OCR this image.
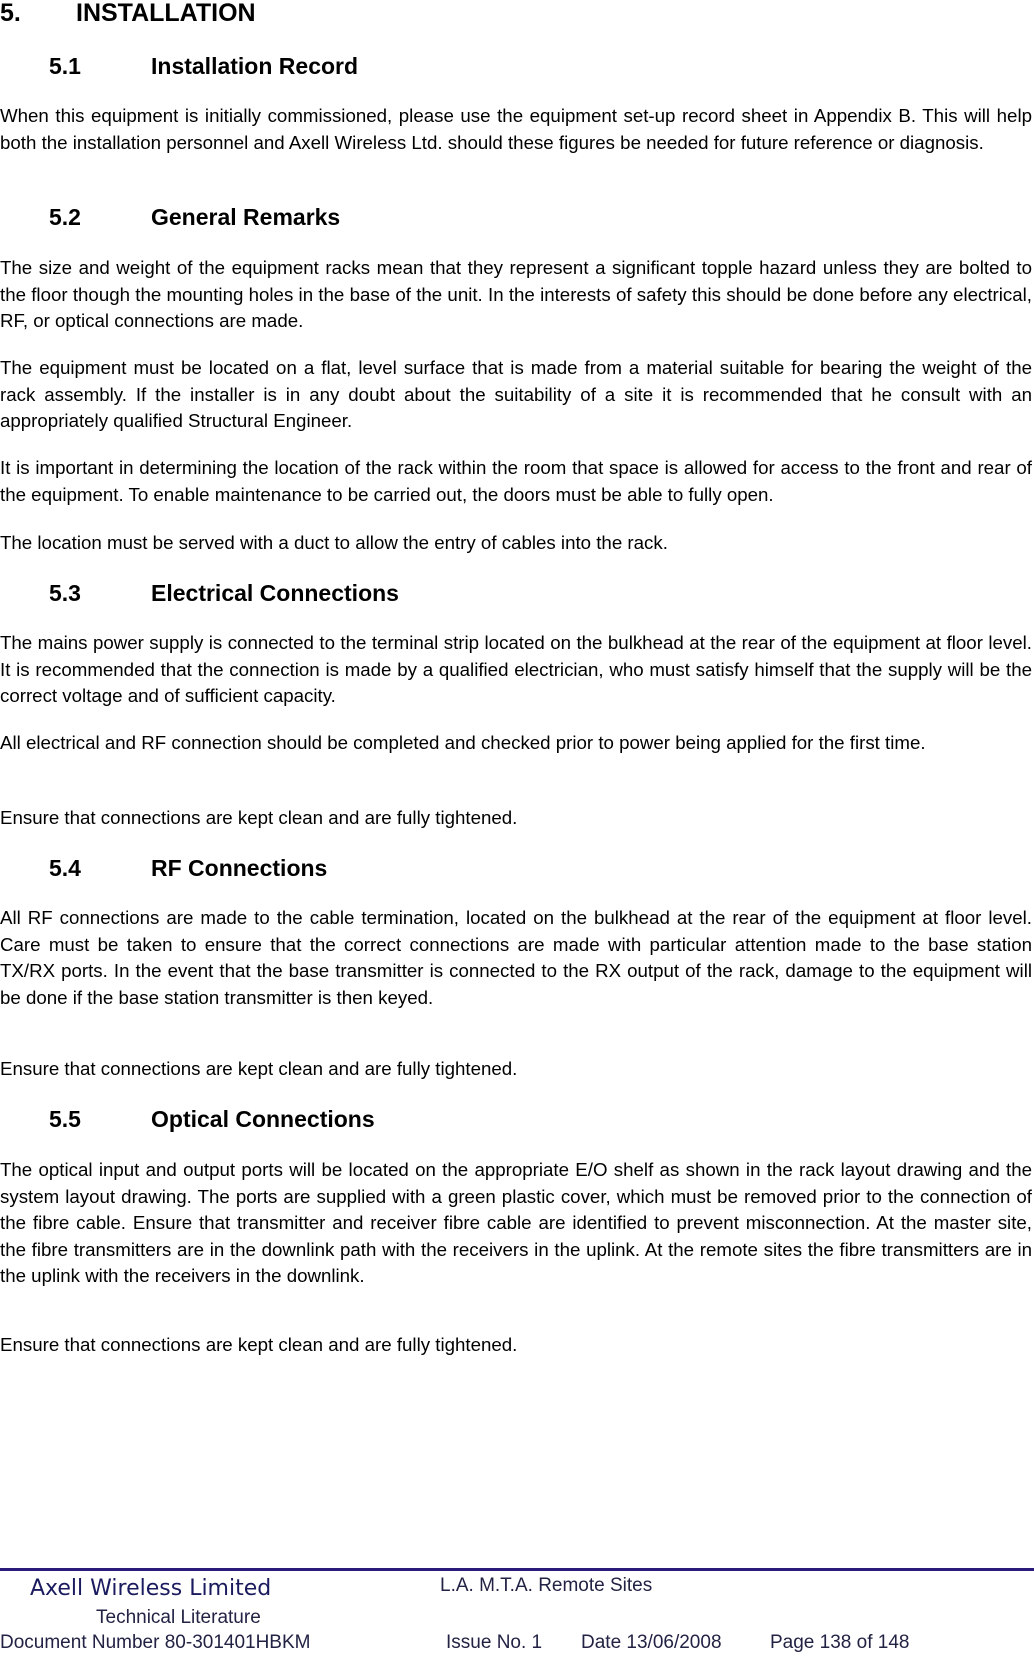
5. INSTALLATION
5.1	Installation Record

When this equipment is initially commissioned, please use the equipment set-up record sheet in Appendix B. This will help both the installation personnel and Axell Wireless Ltd. should these figures be needed for future reference or diagnosis.

5.2	General Remarks

The size and weight of the equipment racks mean that they represent a significant topple hazard unless they are bolted to the floor though the mounting holes in the base of the unit. In the interests of safety this should be done before any electrical, RF, or optical connections are made.

The equipment must be located on a flat, level surface that is made from a material suitable for bearing the weight of the rack assembly. If the installer is in any doubt about the suitability of a site it is recommended that he consult with an appropriately qualified Structural Engineer.

It is important in determining the location of the rack within the room that space is allowed for access to the front and rear of the equipment. To enable maintenance to be carried out, the doors must be able to fully open.

The location must be served with a duct to allow the entry of cables into the rack.

5.3	Electrical Connections

The mains power supply is connected to the terminal strip located on the bulkhead at the rear of the equipment at floor level. It is recommended that the connection is made by a qualified electrician, who must satisfy himself that the supply will be the correct voltage and of sufficient capacity.

All electrical and RF connection should be completed and checked prior to power being applied for the first time.

Ensure that connections are kept clean and are fully tightened.

5.4	RF Connections

All RF connections are made to the cable termination, located on the bulkhead at the rear of the equipment at floor level. Care must be taken to ensure that the correct connections are made with particular attention made to the base station TX/RX ports. In the event that the base transmitter is connected to the RX output of the rack, damage to the equipment will be done if the base station transmitter is then keyed.

Ensure that connections are kept clean and are fully tightened.

5.5	Optical Connections

The optical input and output ports will be located on the appropriate E/O shelf as shown in the rack layout drawing and the system layout drawing. The ports are supplied with a green plastic cover, which must be removed prior to the connection of the fibre cable. Ensure that transmitter and receiver fibre cable are identified to prevent misconnection. At the master site, the fibre transmitters are in the downlink path with the receivers in the uplink. At the remote sites the fibre transmitters are in the uplink with the receivers in the downlink.

Ensure that connections are kept clean and are fully tightened.

Axell Wireless Limited	L.A. M.T.A. Remote Sites
Technical Literature
Document Number 80-301401HBKM	Issue No. 1 Date 13/06/2008	Page 138 of 148
